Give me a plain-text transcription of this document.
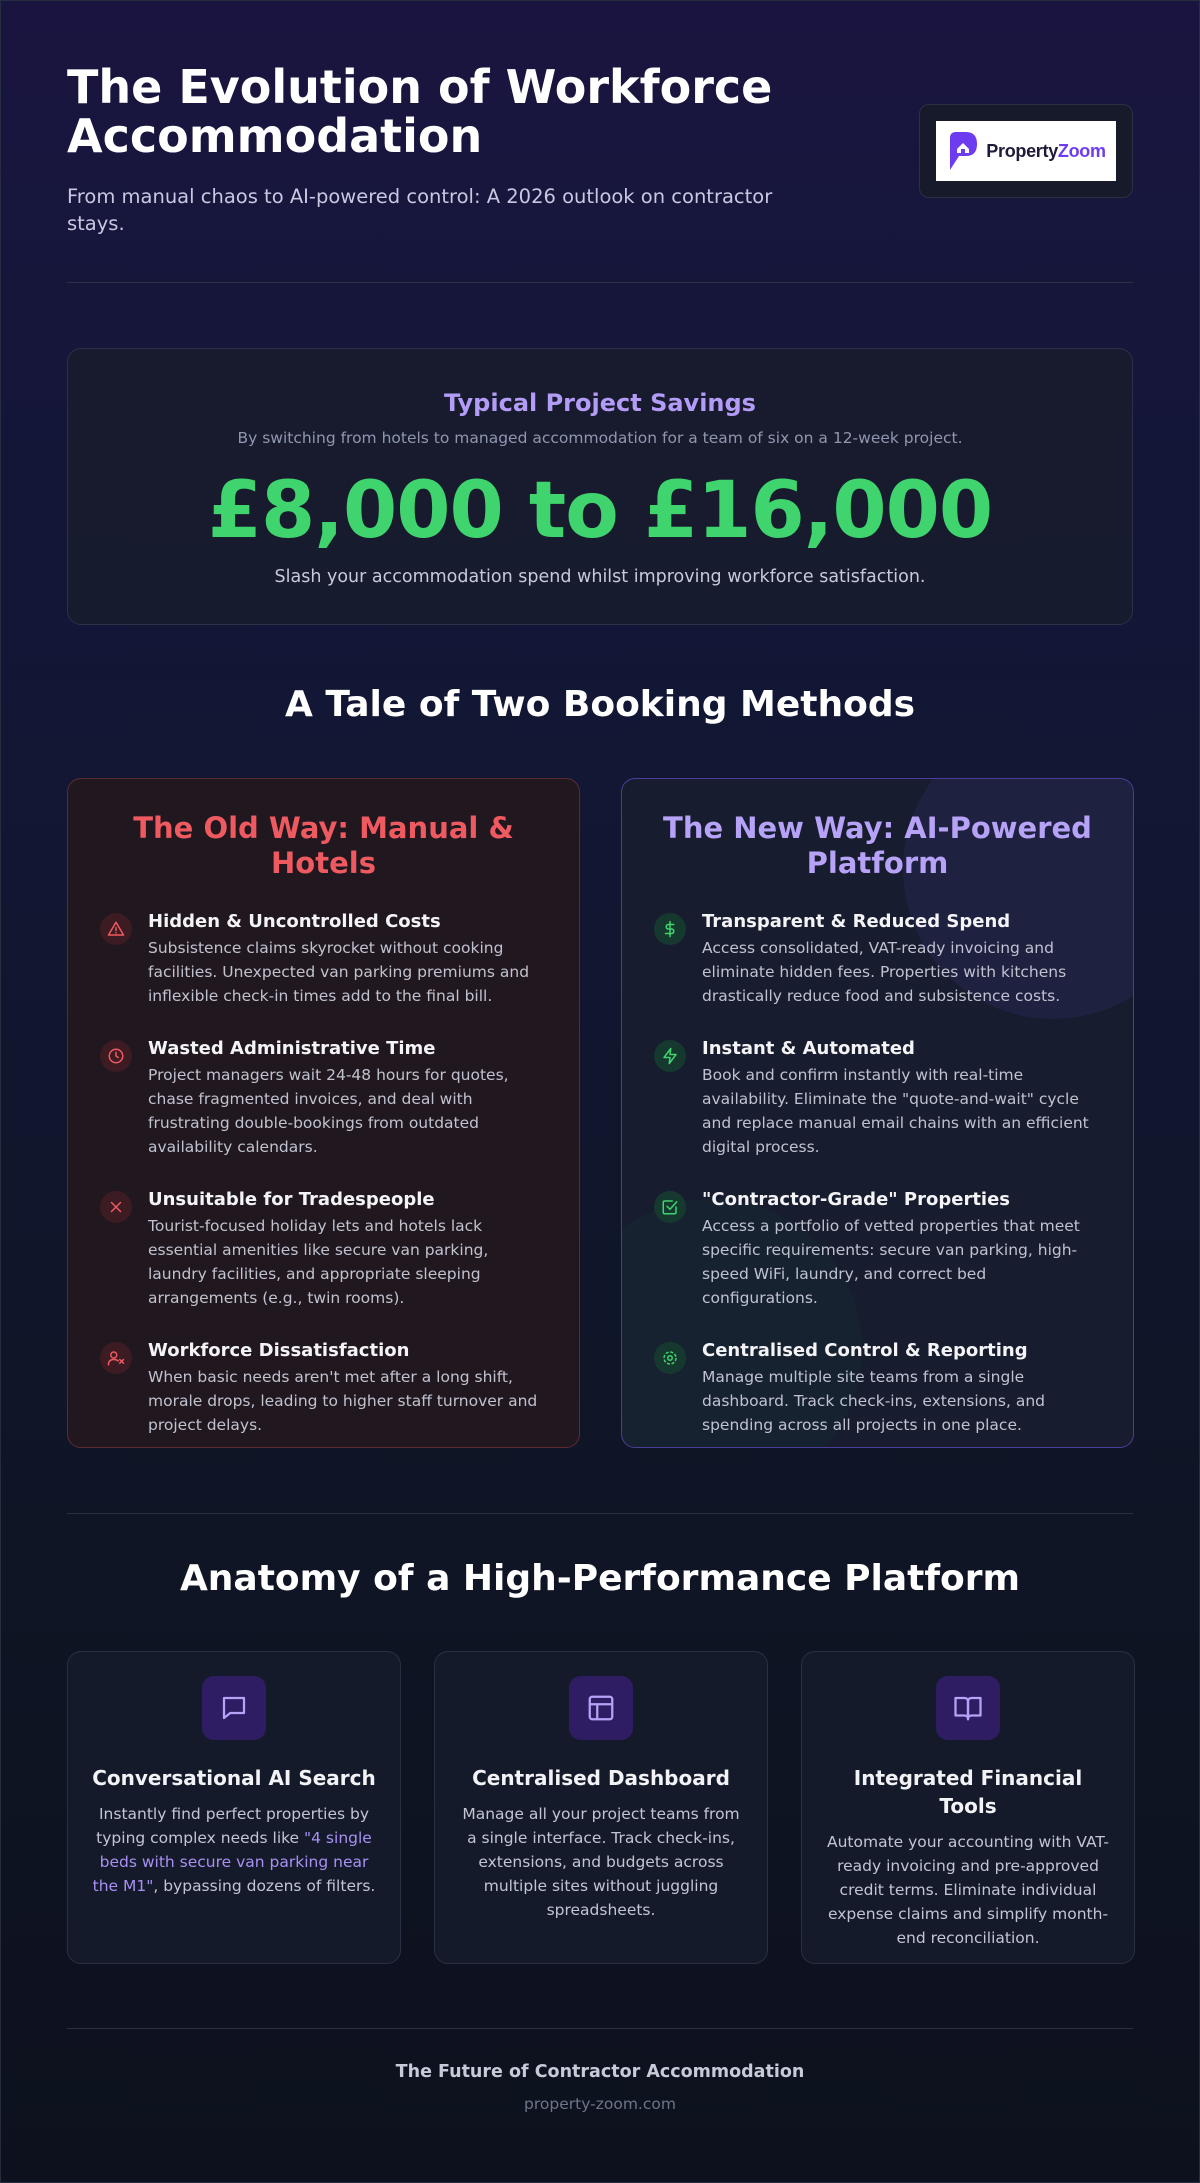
The Evolution of Workforce Accommodation

From manual chaos to AI-powered control: A 2026 outlook on contractor stays.

PropertyZoom
Typical Project Savings
By switching from hotels to managed accommodation for a team of six on a 12-week project.
£8,000 to £16,000
Slash your accommodation spend whilst improving workforce satisfaction.
A Tale of Two Booking Methods
The Old Way: Manual & Hotels
Hidden & Uncontrolled Costs
Subsistence claims skyrocket without cooking facilities. Unexpected van parking premiums and inflexible check-in times add to the final bill.
Wasted Administrative Time
Project managers wait 24-48 hours for quotes, chase fragmented invoices, and deal with frustrating double-bookings from outdated availability calendars.
Unsuitable for Tradespeople
Tourist-focused holiday lets and hotels lack essential amenities like secure van parking, laundry facilities, and appropriate sleeping arrangements (e.g., twin rooms).
Workforce Dissatisfaction
When basic needs aren't met after a long shift, morale drops, leading to higher staff turnover and project delays.
The New Way: AI-Powered Platform
Transparent & Reduced Spend
Access consolidated, VAT-ready invoicing and eliminate hidden fees. Properties with kitchens drastically reduce food and subsistence costs.
Instant & Automated
Book and confirm instantly with real-time availability. Eliminate the "quote-and-wait" cycle and replace manual email chains with an efficient digital process.
"Contractor-Grade" Properties
Access a portfolio of vetted properties that meet specific requirements: secure van parking, high-speed WiFi, laundry, and correct bed configurations.
Centralised Control & Reporting
Manage multiple site teams from a single dashboard. Track check-ins, extensions, and spending across all projects in one place.
Anatomy of a High-Performance Platform
Conversational AI Search
Instantly find perfect properties by typing complex needs like "4 single beds with secure van parking near the M1", bypassing dozens of filters.
Centralised Dashboard
Manage all your project teams from a single interface. Track check-ins, extensions, and budgets across multiple sites without juggling spreadsheets.
Integrated Financial Tools
Automate your accounting with VAT-ready invoicing and pre-approved credit terms. Eliminate individual expense claims and simplify month-end reconciliation.
The Future of Contractor Accommodation
property-zoom.com
